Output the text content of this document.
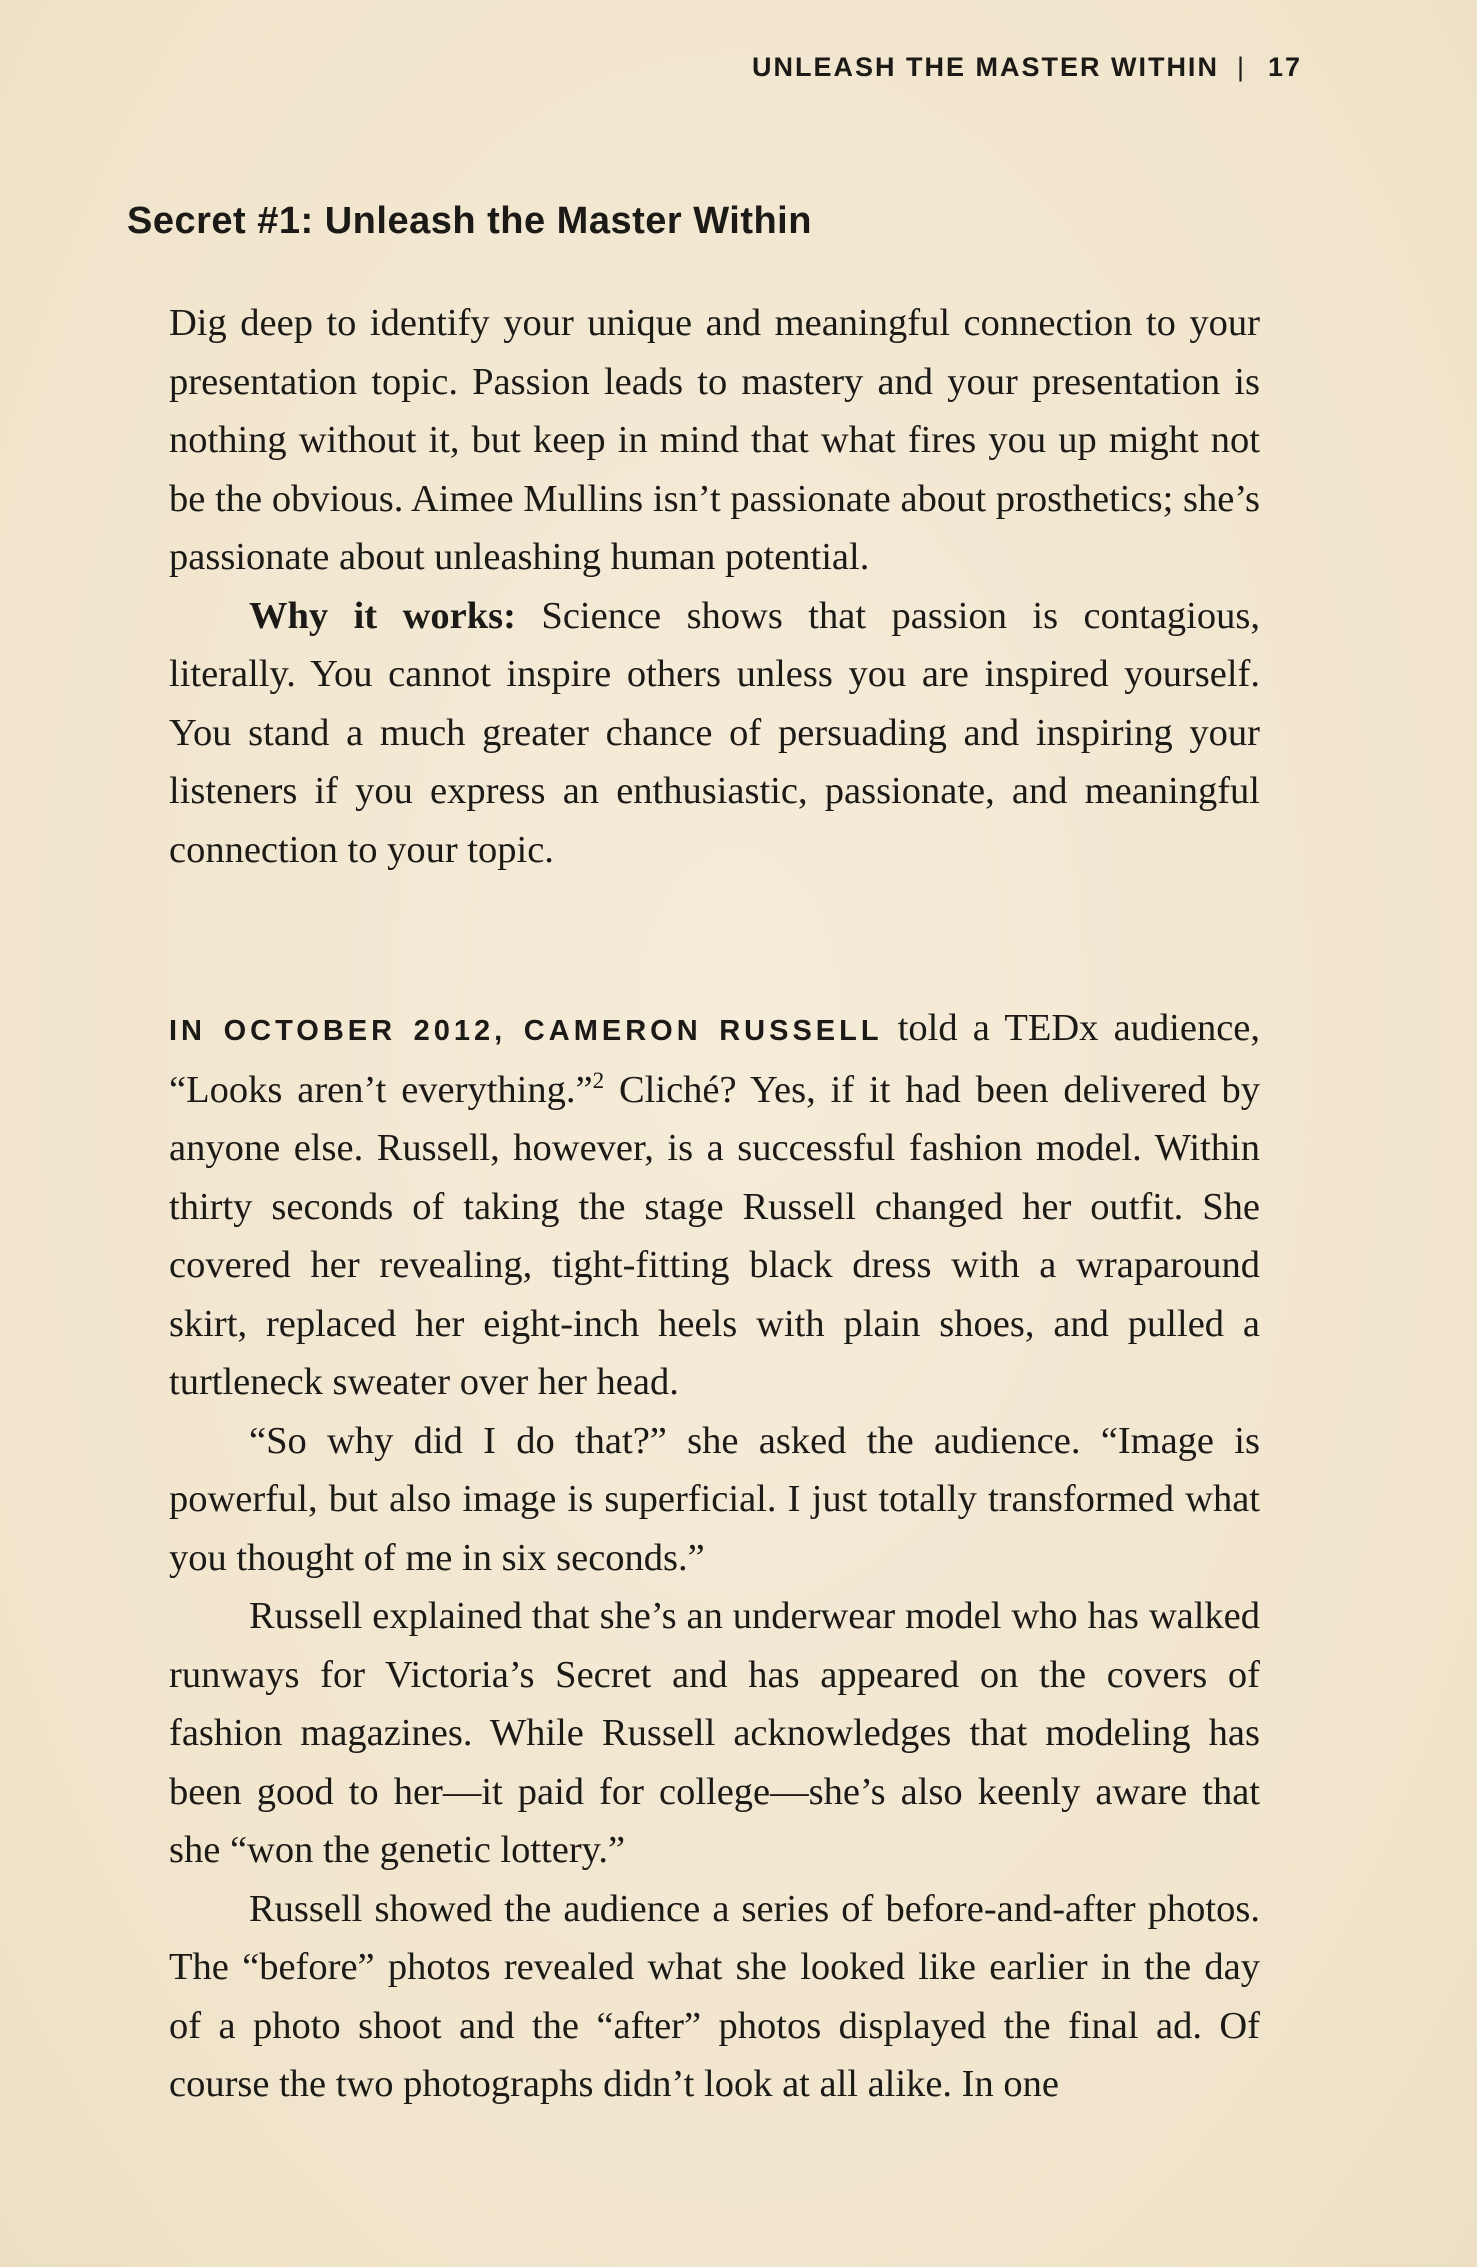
UNLEASH THE MASTER WITHIN | 17
Secret #1: Unleash the Master Within

Dig deep to identify your unique and meaningful connection to your presentation topic. Passion leads to mastery and your presentation is nothing without it, but keep in mind that what fires you up might not be the obvious. Aimee Mullins isn’t passionate about prosthetics; she’s passionate about unleashing human potential.

Why it works: Science shows that passion is contagious, literally. You cannot inspire others unless you are inspired yourself. You stand a much greater chance of persuading and inspiring your listeners if you express an enthusiastic, passionate, and meaningful connection to your topic.

IN OCTOBER 2012, CAMERON RUSSELL told a TEDx audience, “Looks aren’t everything.”$^2$ Cliché? Yes, if it had been delivered by anyone else. Russell, however, is a successful fashion model. Within thirty seconds of taking the stage Russell changed her outfit. She covered her revealing, tight-fitting black dress with a wraparound skirt, replaced her eight-inch heels with plain shoes, and pulled a turtleneck sweater over her head.

“So why did I do that?” she asked the audience. “Image is powerful, but also image is superficial. I just totally transformed what you thought of me in six seconds.”

Russell explained that she’s an underwear model who has walked runways for Victoria’s Secret and has appeared on the covers of fashion magazines. While Russell acknowledges that modeling has been good to her—it paid for college—she’s also keenly aware that she “won the genetic lottery.”

Russell showed the audience a series of before-and-after photos. The “before” photos revealed what she looked like earlier in the day of a photo shoot and the “after” photos displayed the final ad. Of course the two photographs didn’t look at all alike. In one
